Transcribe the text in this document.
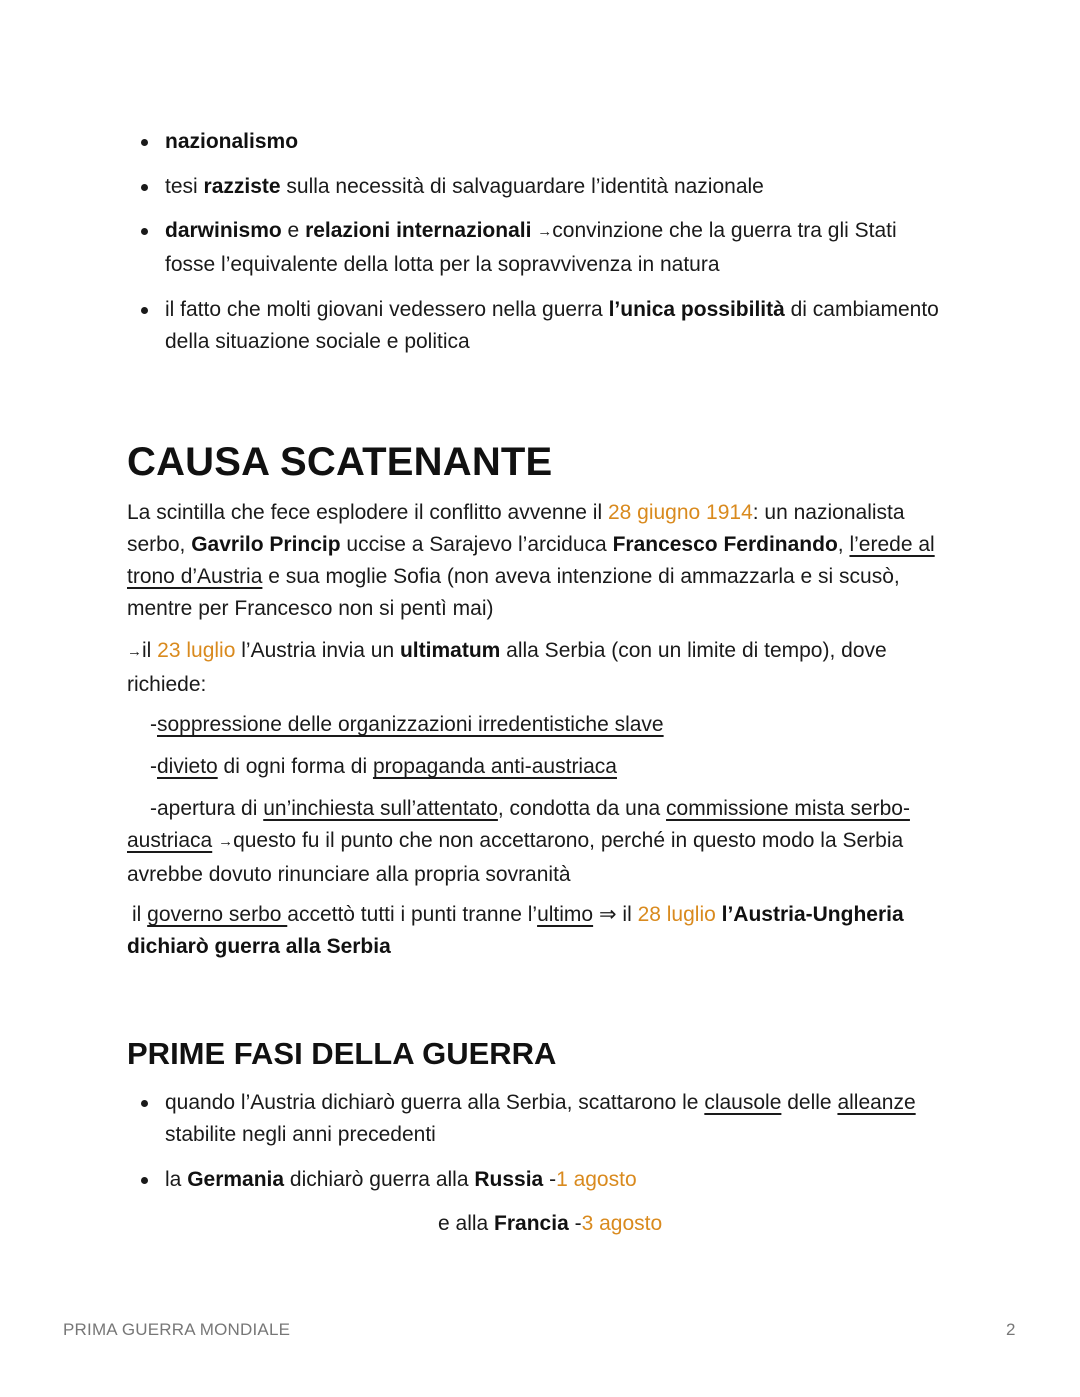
nazionalismo
tesi razziste sulla necessità di salvaguardare l’identità nazionale
darwinismo e relazioni internazionali →convinzione che la guerra tra gli Stati
fosse l’equivalente della lotta per la sopravvivenza in natura
il fatto che molti giovani vedessero nella guerra l’unica possibilità di cambiamento
della situazione sociale e politica
CAUSA SCATENANTE

La scintilla che fece esplodere il conflitto avvenne il 28 giugno 1914: un nazionalista
serbo, Gavrilo Princip uccise a Sarajevo l’arciduca Francesco Ferdinando, l’erede al
trono d’Austria e sua moglie Sofia (non aveva intenzione di ammazzarla e si scusò,
mentre per Francesco non si pentì mai)

→il 23 luglio l’Austria invia un ultimatum alla Serbia (con un limite di tempo), dove
richiede:

-soppressione delle organizzazioni irredentistiche slave

-divieto di ogni forma di propaganda anti-austriaca

-apertura di un’inchiesta sull’attentato, condotta da una commissione mista serbo-
austriaca →questo fu il punto che non accettarono, perché in questo modo la Serbia
avrebbe dovuto rinunciare alla propria sovranità

il governo serbo accettò tutti i punti tranne l’ultimo ⇒ il 28 luglio l’Austria-Ungheria
dichiarò guerra alla Serbia

PRIME FASI DELLA GUERRA
quando l’Austria dichiarò guerra alla Serbia, scattarono le clausole delle alleanze
stabilite negli anni precedenti
la Germania dichiarò guerra alla Russia -1 agosto

e alla Francia -3 agosto

PRIMA GUERRA MONDIALE	2
